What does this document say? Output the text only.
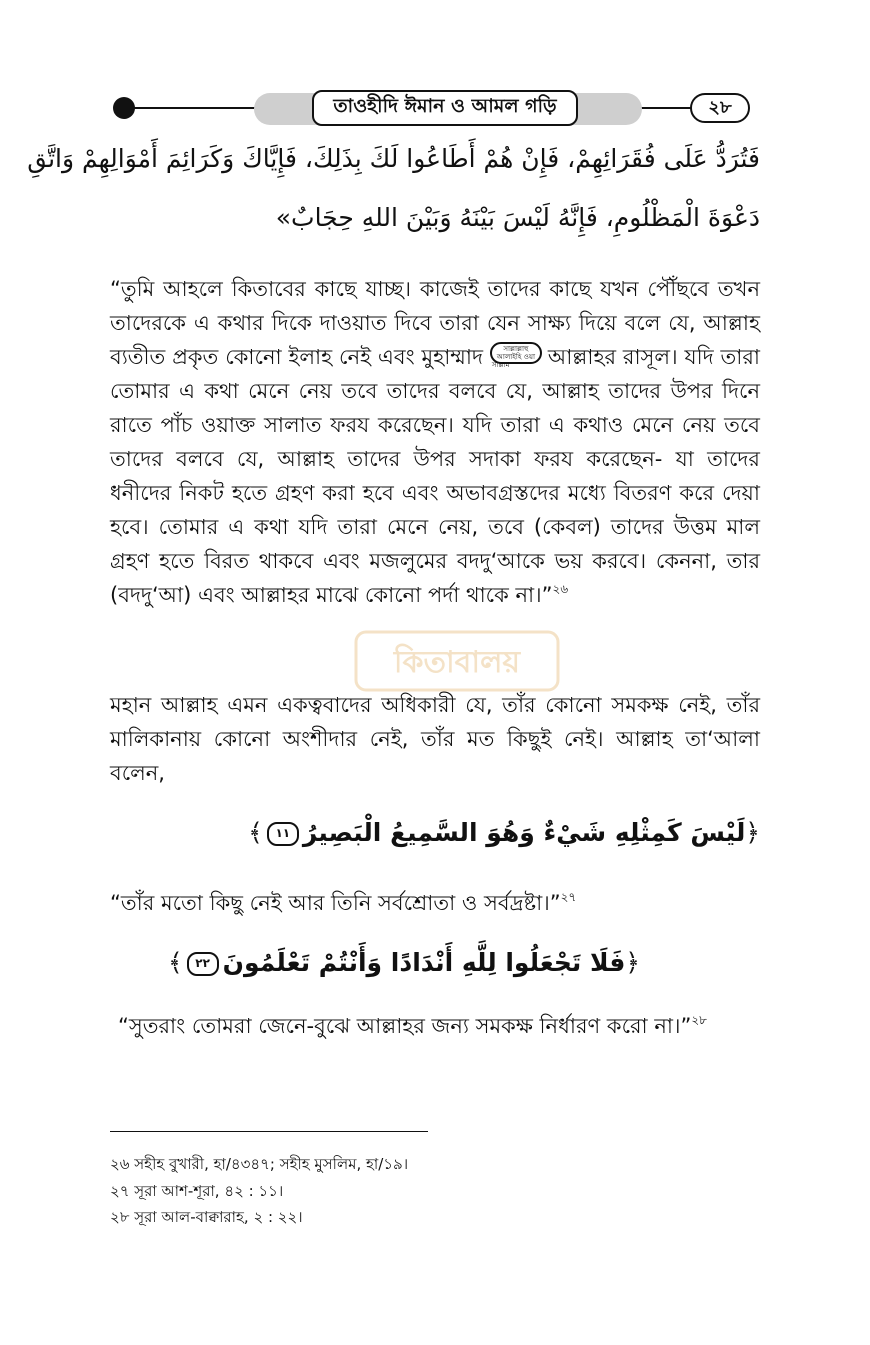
তাওহীদি ঈমান ও আমল গড়ি	২৮
فَتُرَدُّ عَلَى فُقَرَائِهِمْ، فَإِنْ هُمْ أَطَاعُوا لَكَ بِذَلِكَ، فَإِيَّاكَ وَكَرَائِمَ أَمْوَالِهِمْ وَاتَّقِ
دَعْوَةَ الْمَظْلُومِ، فَإِنَّهُ لَيْسَ بَيْنَهُ وَبَيْنَ اللهِ حِجَابٌ»
“তুমি আহলে কিতাবের কাছে যাচ্ছ। কাজেই তাদের কাছে যখন পৌঁছবে তখন তাদেরকে এ কথার দিকে দাওয়াত দিবে তারা যেন সাক্ষ্য দিয়ে বলে যে, আল্লাহ ব্যতীত প্রকৃত কোনো ইলাহ নেই এবং মুহাম্মাদ	সাল্লাল্লাহু আলাইহি ওয়া সাল্লাম আল্লাহর রাসূল। যদি তারা তোমার এ কথা মেনে নেয় তবে তাদের বলবে যে, আল্লাহ তাদের উপর দিনে রাতে পাঁচ ওয়াক্ত সালাত ফরয করেছেন। যদি তারা এ কথাও মেনে নেয় তবে তাদের বলবে যে, আল্লাহ তাদের উপর সদাকা ফরয করেছেন- যা তাদের ধনীদের নিকট হতে গ্রহণ করা হবে এবং অভাবগ্রস্তদের মধ্যে বিতরণ করে দেয়া হবে। তোমার এ কথা যদি তারা মেনে নেয়, তবে (কেবল) তাদের উত্তম মাল গ্রহণ হতে বিরত থাকবে এবং মজলুমের বদদু‘আকে ভয় করবে। কেননা, তার (বদদু‘আ) এবং আল্লাহর মাঝে কোনো পর্দা থাকে না।”$^{২৬}$
কিতাবালয়
মহান আল্লাহ এমন একত্ববাদের অধিকারী যে, তাঁর কোনো সমকক্ষ নেই, তাঁর মালিকানায় কোনো অংশীদার নেই, তাঁর মত কিছুই নেই। আল্লাহ তা‘আলা বলেন,
﴿لَيْسَ كَمِثْلِهِ شَيْءٌ وَهُوَ السَّمِيعُ الْبَصِيرُ١١﴾
“তাঁর মতো কিছু নেই আর তিনি সর্বশ্রোতা ও সর্বদ্রষ্টা।”$^{২৭}$
﴿فَلَا تَجْعَلُوا لِلَّهِ أَنْدَادًا وَأَنْتُمْ تَعْلَمُونَ٢٢﴾
“সুতরাং তোমরা জেনে-বুঝে আল্লাহর জন্য সমকক্ষ নির্ধারণ করো না।”$^{২৮}$
২৬ সহীহ বুখারী, হা/৪৩৪৭; সহীহ মুসলিম, হা/১৯।
২৭ সূরা আশ-শূরা, ৪২ : ১১।
২৮ সূরা আল-বাক্বারাহ, ২ : ২২।
